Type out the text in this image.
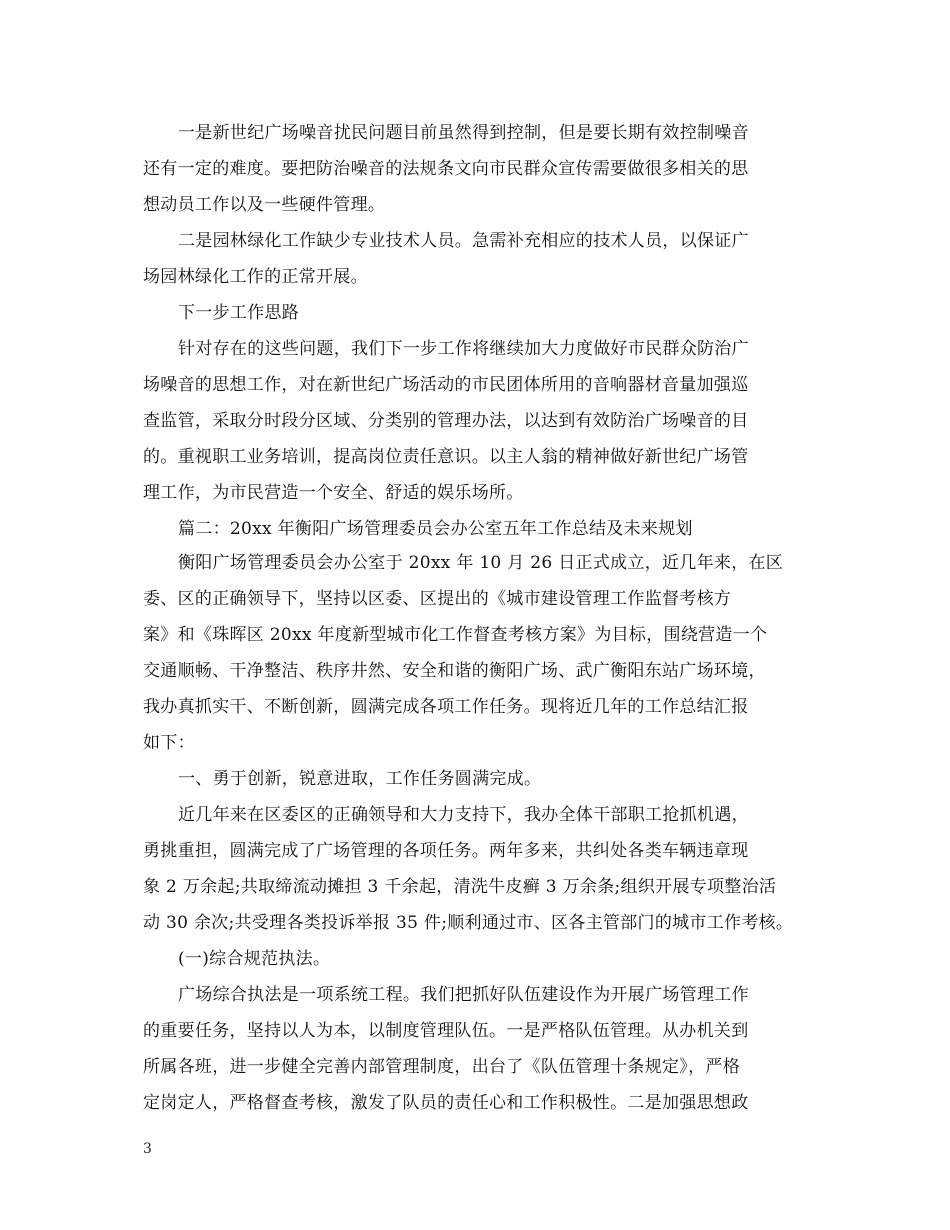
一是新世纪广场噪音扰民问题目前虽然得到控制，但是要长期有效控制噪音
还有一定的难度。要把防治噪音的法规条文向市民群众宣传需要做很多相关的思
想动员工作以及一些硬件管理。
二是园林绿化工作缺少专业技术人员。急需补充相应的技术人员，以保证广
场园林绿化工作的正常开展。
下一步工作思路
针对存在的这些问题，我们下一步工作将继续加大力度做好市民群众防治广
场噪音的思想工作，对在新世纪广场活动的市民团体所用的音响器材音量加强巡
查监管，采取分时段分区域、分类别的管理办法，以达到有效防治广场噪音的目
的。重视职工业务培训，提高岗位责任意识。以主人翁的精神做好新世纪广场管
理工作，为市民营造一个安全、舒适的娱乐场所。
篇二：20xx 年衡阳广场管理委员会办公室五年工作总结及未来规划
衡阳广场管理委员会办公室于 20xx 年 10 月 26 日正式成立，近几年来，在区
委、区的正确领导下，坚持以区委、区提出的《城市建设管理工作监督考核方
案》和《珠晖区 20xx 年度新型城市化工作督查考核方案》为目标，围绕营造一个
交通顺畅、干净整洁、秩序井然、安全和谐的衡阳广场、武广衡阳东站广场环境，
我办真抓实干、不断创新，圆满完成各项工作任务。现将近几年的工作总结汇报
如下：
一、勇于创新，锐意进取，工作任务圆满完成。
近几年来在区委区的正确领导和大力支持下，我办全体干部职工抢抓机遇，
勇挑重担，圆满完成了广场管理的各项任务。两年多来，共纠处各类车辆违章现
象 2 万余起;共取缔流动摊担 3 千余起，清洗牛皮癣 3 万余条;组织开展专项整治活
动 30 余次;共受理各类投诉举报 35 件;顺利通过市、区各主管部门的城市工作考核。
(一)综合规范执法。
广场综合执法是一项系统工程。我们把抓好队伍建设作为开展广场管理工作
的重要任务，坚持以人为本，以制度管理队伍。一是严格队伍管理。从办机关到
所属各班，进一步健全完善内部管理制度，出台了《队伍管理十条规定》，严格
定岗定人，严格督查考核，激发了队员的责任心和工作积极性。二是加强思想政
3
